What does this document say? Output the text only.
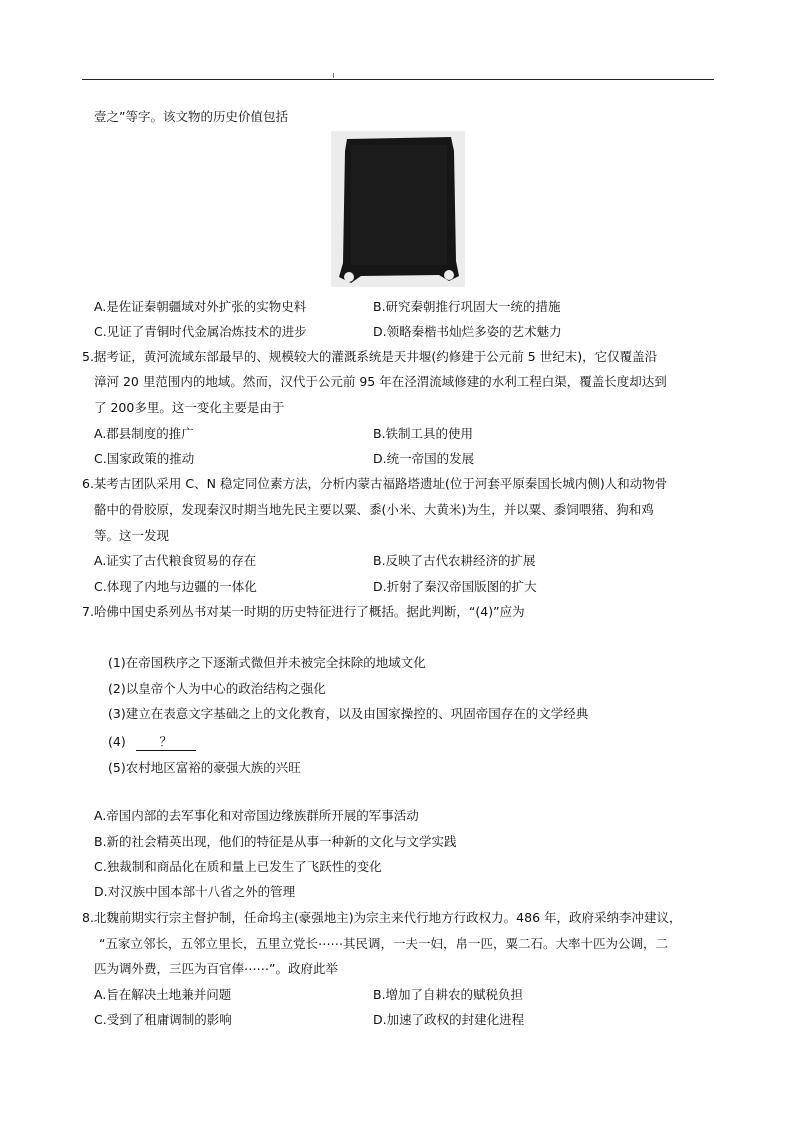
壹之”等字。该文物的历史价值包括
A.是佐证秦朝疆域对外扩张的实物史料	B.研究秦朝推行巩固大一统的措施
C.见证了青铜时代金属冶炼技术的进步	D.领略秦楷书灿烂多姿的艺术魅力
5.据考证，黄河流域东部最早的、规模较大的灌溉系统是天井堰(约修建于公元前 5 世纪末)，它仅覆盖沿
漳河 20 里范围内的地域。然而，汉代于公元前 95 年在泾渭流域修建的水利工程白渠，覆盖长度却达到
了 200多里。这一变化主要是由于
A.郡县制度的推广	B.铁制工具的使用
C.国家政策的推动	D.统一帝国的发展
6.某考古团队采用 C、N 稳定同位素方法，分析内蒙古福路塔遗址(位于河套平原秦国长城内侧)人和动物骨
骼中的骨胶原，发现秦汉时期当地先民主要以粟、黍(小米、大黄米)为生，并以粟、黍饲喂猪、狗和鸡
等。这一发现
A.证实了古代粮食贸易的存在	B.反映了古代农耕经济的扩展
C.体现了内地与边疆的一体化	D.折射了秦汉帝国版图的扩大
7.哈佛中国史系列丛书对某一时期的历史特征进行了概括。据此判断，“(4)”应为
(1)在帝国秩序之下逐渐式微但并未被完全抹除的地域文化
(2)以皇帝个人为中心的政治结构之强化
(3)建立在表意文字基础之上的文化教育，以及由国家操控的、巩固帝国存在的文学经典
(4)	？
(5)农村地区富裕的豪强大族的兴旺
A.帝国内部的去军事化和对帝国边缘族群所开展的军事活动
B.新的社会精英出现，他们的特征是从事一种新的文化与文学实践
C.独裁制和商品化在质和量上已发生了飞跃性的变化
D.对汉族中国本部十八省之外的管理
8.北魏前期实行宗主督护制，任命坞主(豪强地主)为宗主来代行地方行政权力。486 年，政府采纳李冲建议，
“五家立邻长，五邻立里长，五里立党长⋯⋯其民调，一夫一妇，帛一匹，粟二石。大率十匹为公调，二
匹为调外费，三匹为百官俸⋯⋯”。政府此举
A.旨在解决土地兼并问题	B.增加了自耕农的赋税负担
C.受到了租庸调制的影响	D.加速了政权的封建化进程
